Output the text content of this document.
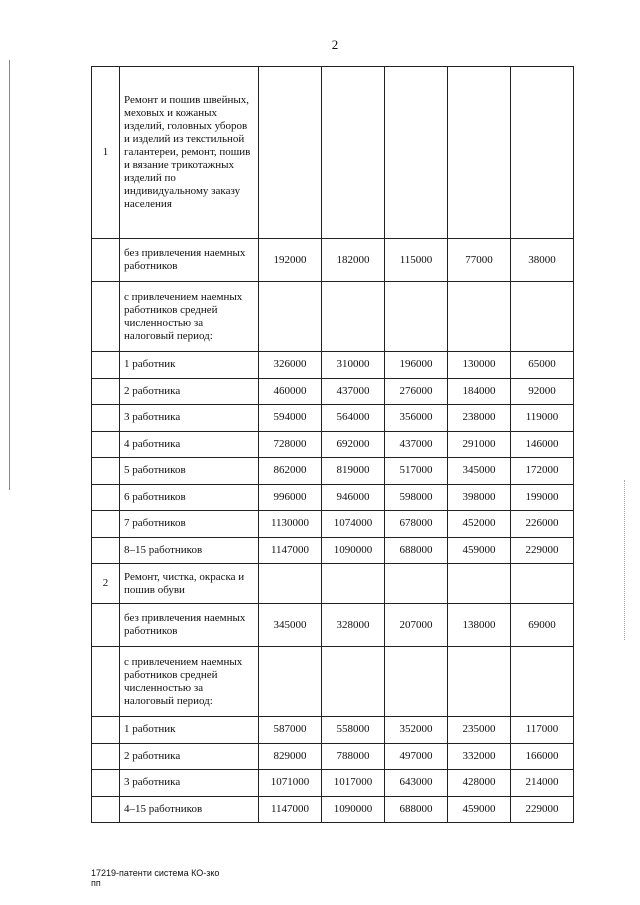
2
1	Ремонт и пошив швейных, меховых и кожаных изделий, головных уборов и изделий из текстильной галантереи, ремонт, пошив и вязание трикотажных изделий по индивидуальному заказу населения					
	без привлечения наемных работников	192000	182000	115000	77000	38000
	с привлечением наемных работников средней численностью за налоговый период:					
	1 работник	326000	310000	196000	130000	65000
	2 работника	460000	437000	276000	184000	92000
	3 работника	594000	564000	356000	238000	119000
	4 работника	728000	692000	437000	291000	146000
	5 работников	862000	819000	517000	345000	172000
	6 работников	996000	946000	598000	398000	199000
	7 работников	1130000	1074000	678000	452000	226000
	8–15 работников	1147000	1090000	688000	459000	229000
2	Ремонт, чистка, окраска и пошив обуви					
	без привлечения наемных работников	345000	328000	207000	138000	69000
	с привлечением наемных работников средней численностью за налоговый период:					
	1 работник	587000	558000	352000	235000	117000
	2 работника	829000	788000	497000	332000	166000
	3 работника	1071000	1017000	643000	428000	214000
	4–15 работников	1147000	1090000	688000	459000	229000
17219-патенти система КО-зко
пп
